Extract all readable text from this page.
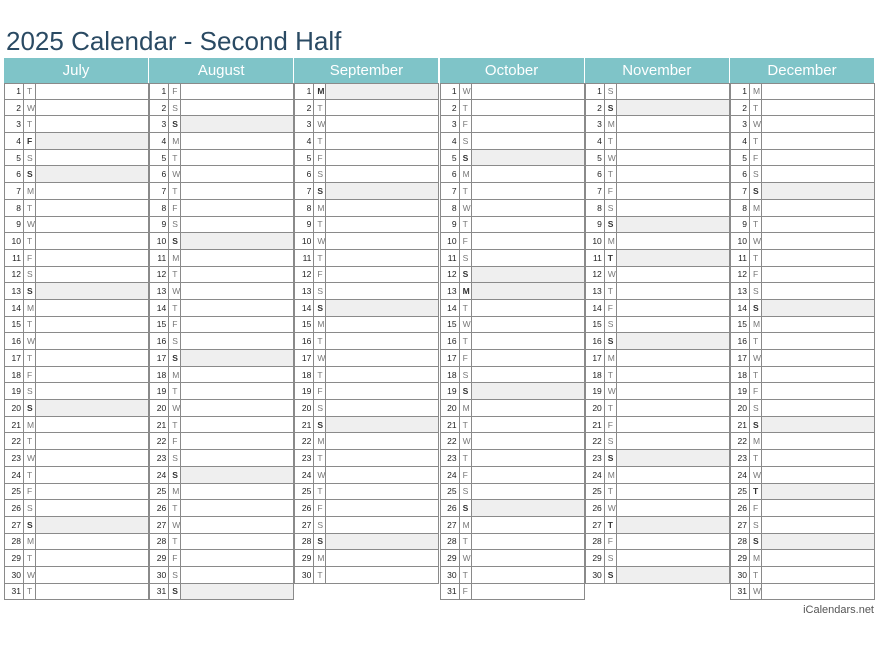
2025 Calendar - Second Half
July
1 T
2 W
3 T
4 F
5 S
6 S
7 M
8 T
9 W
10 T
11 F
12 S
13 S
14 M
15 T
16 W
17 T
18 F
19 S
20 S
21 M
22 T
23 W
24 T
25 F
26 S
27 S
28 M
29 T
30 W
31 T
August
1 F
2 S
3 S
4 M
5 T
6 W
7 T
8 F
9 S
10 S
11 M
12 T
13 W
14 T
15 F
16 S
17 S
18 M
19 T
20 W
21 T
22 F
23 S
24 S
25 M
26 T
27 W
28 T
29 F
30 S
31 S
September
1 M
2 T
3 W
4 T
5 F
6 S
7 S
8 M
9 T
10 W
11 T
12 F
13 S
14 S
15 M
16 T
17 W
18 T
19 F
20 S
21 S
22 M
23 T
24 W
25 T
26 F
27 S
28 S
29 M
30 T
October
1 W
2 T
3 F
4 S
5 S
6 M
7 T
8 W
9 T
10 F
11 S
12 S
13 M
14 T
15 W
16 T
17 F
18 S
19 S
20 M
21 T
22 W
23 T
24 F
25 S
26 S
27 M
28 T
29 W
30 T
31 F
November
1 S
2 S
3 M
4 T
5 W
6 T
7 F
8 S
9 S
10 M
11 T
12 W
13 T
14 F
15 S
16 S
17 M
18 T
19 W
20 T
21 F
22 S
23 S
24 M
25 T
26 W
27 T
28 F
29 S
30 S
December
1 M
2 T
3 W
4 T
5 F
6 S
7 S
8 M
9 T
10 W
11 T
12 F
13 S
14 S
15 M
16 T
17 W
18 T
19 F
20 S
21 S
22 M
23 T
24 W
25 T
26 F
27 S
28 S
29 M
30 T
31 W
iCalendars.net
